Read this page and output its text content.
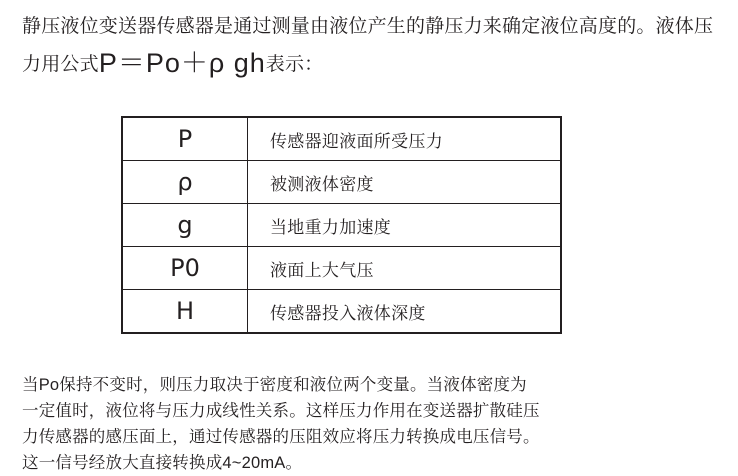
静压液位变送器传感器是通过测量由液位产生的静压力来确定液位高度的。液体压力用公式P＝Po＋ρ gh表示：
P	传感器迎液面所受压力
ρ	被测液体密度
g	当地重力加速度
P0	液面上大气压
H	传感器投入液体深度

当Po保持不变时，则压力取决于密度和液位两个变量。当液体密度为

一定值时，液位将与压力成线性关系。这样压力作用在变送器扩散硅压

力传感器的感压面上，通过传感器的压阻效应将压力转换成电压信号。

这一信号经放大直接转换成4~20mA。
